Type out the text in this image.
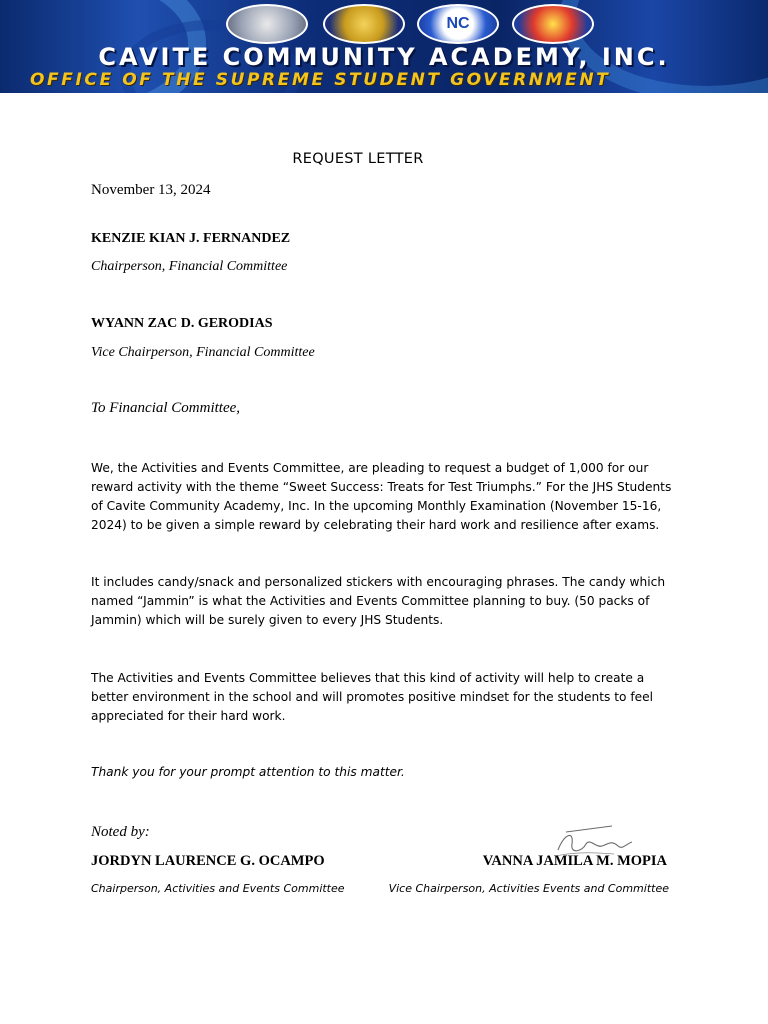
NC
CAVITE COMMUNITY ACADEMY, INC.
OFFICE OF THE SUPREME STUDENT GOVERNMENT
REQUEST LETTER
November 13, 2024
KENZIE KIAN J. FERNANDEZ
Chairperson, Financial Committee
WYANN ZAC D. GERODIAS
Vice Chairperson, Financial Committee
To Financial Committee,
We, the Activities and Events Committee, are pleading to request a budget of 1,000 for our reward activity with the theme “Sweet Success: Treats for Test Triumphs.” For the JHS Students of Cavite Community Academy, Inc. In the upcoming Monthly Examination (November 15-16, 2024) to be given a simple reward by celebrating their hard work and resilience after exams.
It includes candy/snack and personalized stickers with encouraging phrases. The candy which named “Jammin” is what the Activities and Events Committee planning to buy. (50 packs of Jammin) which will be surely given to every JHS Students.
The Activities and Events Committee believes that this kind of activity will help to create a better environment in the school and will promotes positive mindset for the students to feel appreciated for their hard work.
Thank you for your prompt attention to this matter.
Noted by:
JORDYN LAURENCE G. OCAMPO
Chairperson, Activities and Events Committee
VANNA JAMILA M. MOPIA
Vice Chairperson, Activities Events and Committee
